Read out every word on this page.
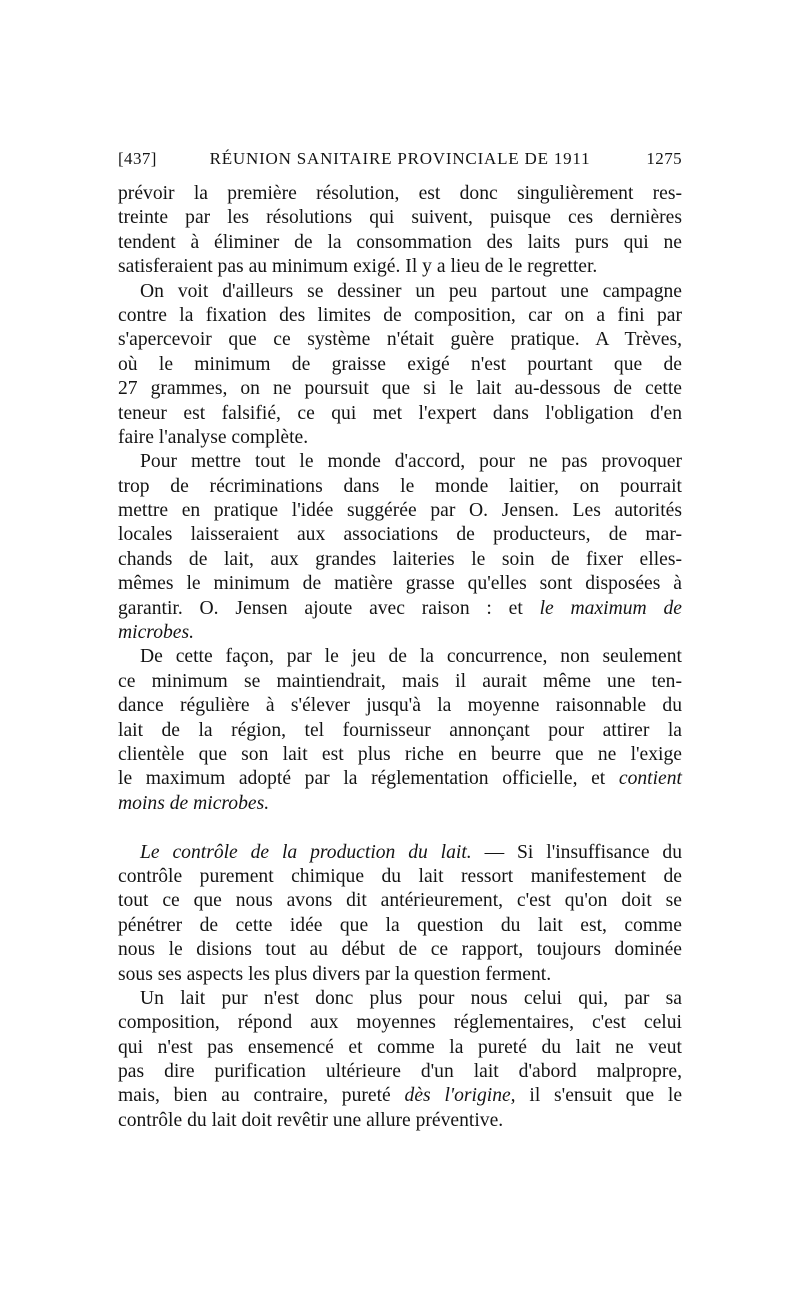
[437]	RÉUNION SANITAIRE PROVINCIALE DE 1911	1275
prévoir la première résolution, est donc singulièrement res-
treinte par les résolutions qui suivent, puisque ces dernières
tendent à éliminer de la consommation des laits purs qui ne
satisferaient pas au minimum exigé. Il y a lieu de le regretter.
On voit d'ailleurs se dessiner un peu partout une campagne
contre la fixation des limites de composition, car on a fini par
s'apercevoir que ce système n'était guère pratique. A Trèves,
où le minimum de graisse exigé n'est pourtant que de
27 grammes, on ne poursuit que si le lait au-dessous de cette
teneur est falsifié, ce qui met l'expert dans l'obligation d'en
faire l'analyse complète.
Pour mettre tout le monde d'accord, pour ne pas provoquer
trop de récriminations dans le monde laitier, on pourrait
mettre en pratique l'idée suggérée par O. Jensen. Les autorités
locales laisseraient aux associations de producteurs, de mar-
chands de lait, aux grandes laiteries le soin de fixer elles-
mêmes le minimum de matière grasse qu'elles sont disposées à
garantir. O. Jensen ajoute avec raison : et le maximum de
microbes.
De cette façon, par le jeu de la concurrence, non seulement
ce minimum se maintiendrait, mais il aurait même une ten-
dance régulière à s'élever jusqu'à la moyenne raisonnable du
lait de la région, tel fournisseur annonçant pour attirer la
clientèle que son lait est plus riche en beurre que ne l'exige
le maximum adopté par la réglementation officielle, et contient
moins de microbes.
Le contrôle de la production du lait. — Si l'insuffisance du
contrôle purement chimique du lait ressort manifestement de
tout ce que nous avons dit antérieurement, c'est qu'on doit se
pénétrer de cette idée que la question du lait est, comme
nous le disions tout au début de ce rapport, toujours dominée
sous ses aspects les plus divers par la question ferment.
Un lait pur n'est donc plus pour nous celui qui, par sa
composition, répond aux moyennes réglementaires, c'est celui
qui n'est pas ensemencé et comme la pureté du lait ne veut
pas dire purification ultérieure d'un lait d'abord malpropre,
mais, bien au contraire, pureté dès l'origine, il s'ensuit que le
contrôle du lait doit revêtir une allure préventive.
